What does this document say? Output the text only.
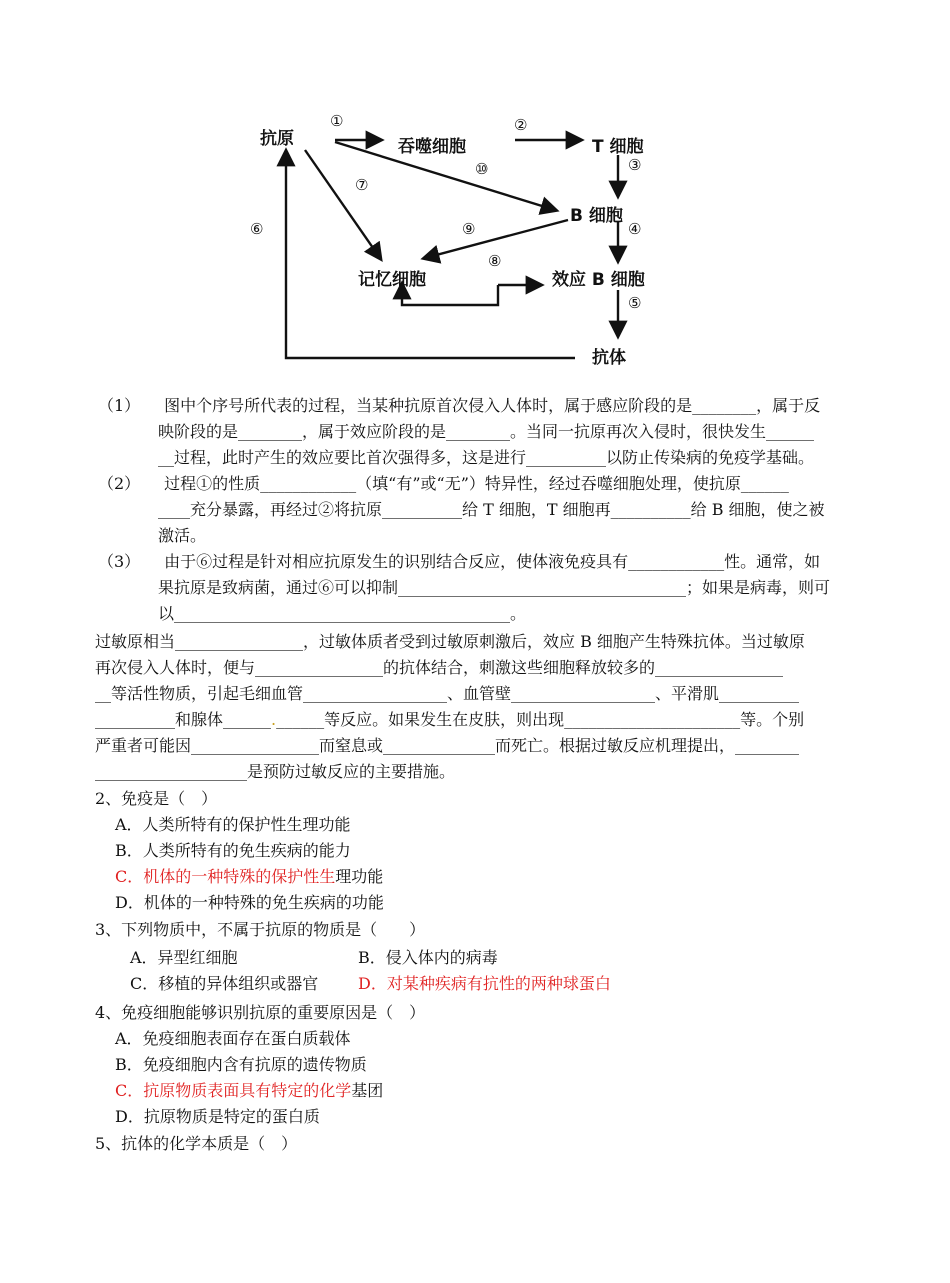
抗原	吞噬细胞	T 细胞
B 细胞
记忆细胞	效应 B 细胞
抗体
①	②
③
④
⑤
⑥
⑦
⑧
⑨
⑩
（1）　　图中个序号所代表的过程，当某种抗原首次侵入人体时，属于感应阶段的是________，属于反
映阶段的是________，属于效应阶段的是________。当同一抗原再次入侵时，很快发生______
__过程，此时产生的效应要比首次强得多，这是进行__________以防止传染病的免疫学基础。
（2）　　过程①的性质____________（填“有”或“无”）特异性，经过吞噬细胞处理，使抗原______
____充分暴露，再经过②将抗原__________给 T 细胞，T 细胞再__________给 B 细胞，使之被
激活。
（3）　　由于⑥过程是针对相应抗原发生的识别结合反应，使体液免疫具有____________性。通常，如
果抗原是致病菌，通过⑥可以抑制____________________________________；如果是病毒，则可
以__________________________________________。
过敏原相当________________，过敏体质者受到过敏原刺激后，效应 B 细胞产生特殊抗体。当过敏原
再次侵入人体时，便与________________的抗体结合，刺激这些细胞释放较多的________________
__等活性物质，引起毛细血管__________________、血管壁__________________、平滑肌__________
__________和腺体______.______等反应。如果发生在皮肤，则出现______________________等。个别
严重者可能因________________而窒息或______________而死亡。根据过敏反应机理提出，________
___________________是预防过敏反应的主要措施。
2、免疫是（　）
A．人类所特有的保护性生理功能
B．人类所特有的免生疾病的能力
C．机体的一种特殊的保护性生理功能
D．机体的一种特殊的免生疾病的功能
3、下列物质中，不属于抗原的物质是（　　）
A．异型红细胞	B．侵入体内的病毒
C．移植的异体组织或器官 D．对某种疾病有抗性的两种球蛋白
4、免疫细胞能够识别抗原的重要原因是（　）
A．免疫细胞表面存在蛋白质载体
B．免疫细胞内含有抗原的遗传物质
C．抗原物质表面具有特定的化学基团
D．抗原物质是特定的蛋白质
5、抗体的化学本质是（　）
